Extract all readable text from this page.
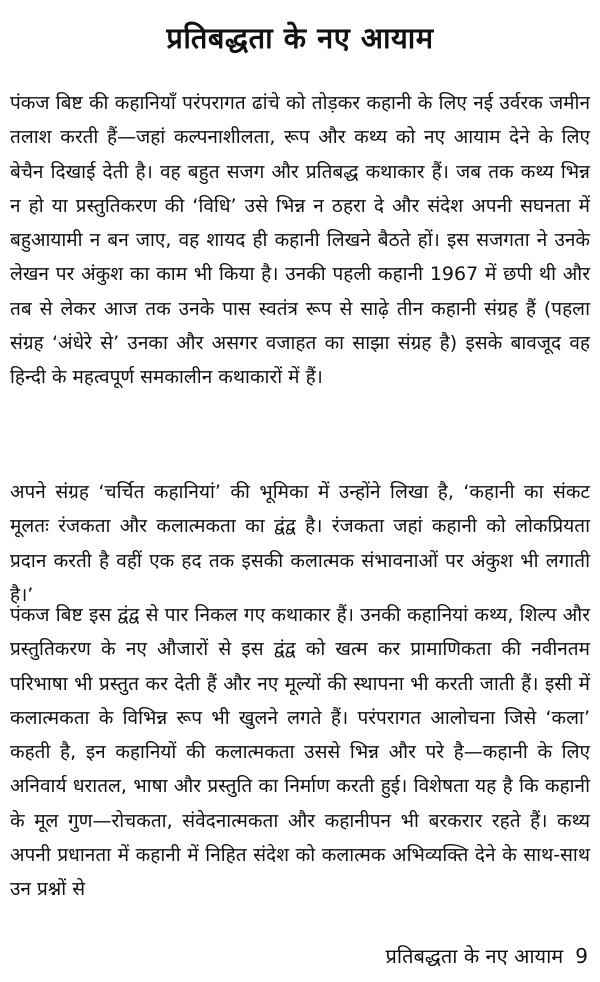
प्रतिबद्धता के नए आयाम

पंकज बिष्ट की कहानियाँ परंपरागत ढांचे को तोड़कर कहानी के लिए नई उर्वरक जमीन तलाश करती हैं—जहां कल्पनाशीलता, रूप और कथ्य को नए आयाम देने के लिए बेचैन दिखाई देती है। वह बहुत सजग और प्रतिबद्ध कथाकार हैं। जब तक कथ्य भिन्न न हो या प्रस्तुतिकरण की ‘विधि’ उसे भिन्न न ठहरा दे और संदेश अपनी सघनता में बहुआयामी न बन जाए, वह शायद ही कहानी लिखने बैठते हों। इस सजगता ने उनके लेखन पर अंकुश का काम भी किया है। उनकी पहली कहानी 1967 में छपी थी और तब से लेकर आज तक उनके पास स्वतंत्र रूप से साढ़े तीन कहानी संग्रह हैं (पहला संग्रह ‘अंधेरे से’ उनका और असगर वजाहत का साझा संग्रह है) इसके बावजूद वह हिन्दी के महत्वपूर्ण समकालीन कथाकारों में हैं।

अपने संग्रह ‘चर्चित कहानियां’ की भूमिका में उन्होंने लिखा है, ‘कहानी का संकट मूलतः रंजकता और कलात्मकता का द्वंद्व है। रंजकता जहां कहानी को लोकप्रियता प्रदान करती है वहीं एक हद तक इसकी कलात्मक संभावनाओं पर अंकुश भी लगाती है।’

पंकज बिष्ट इस द्वंद्व से पार निकल गए कथाकार हैं। उनकी कहानियां कथ्य, शिल्प और प्रस्तुतिकरण के नए औजारों से इस द्वंद्व को खत्म कर प्रामाणिकता की नवीनतम परिभाषा भी प्रस्तुत कर देती हैं और नए मूल्यों की स्थापना भी करती जाती हैं। इसी में कलात्मकता के विभिन्न रूप भी खुलने लगते हैं। परंपरागत आलोचना जिसे ‘कला’ कहती है, इन कहानियों की कलात्मकता उससे भिन्न और परे है—कहानी के लिए अनिवार्य धरातल, भाषा और प्रस्तुति का निर्माण करती हुई। विशेषता यह है कि कहानी के मूल गुण—रोचकता, संवेदनात्मकता और कहानीपन भी बरकरार रहते हैं। कथ्य अपनी प्रधानता में कहानी में निहित संदेश को कलात्मक अभिव्यक्ति देने के साथ-साथ उन प्रश्नों से

प्रतिबद्धता के नए आयाम 9
